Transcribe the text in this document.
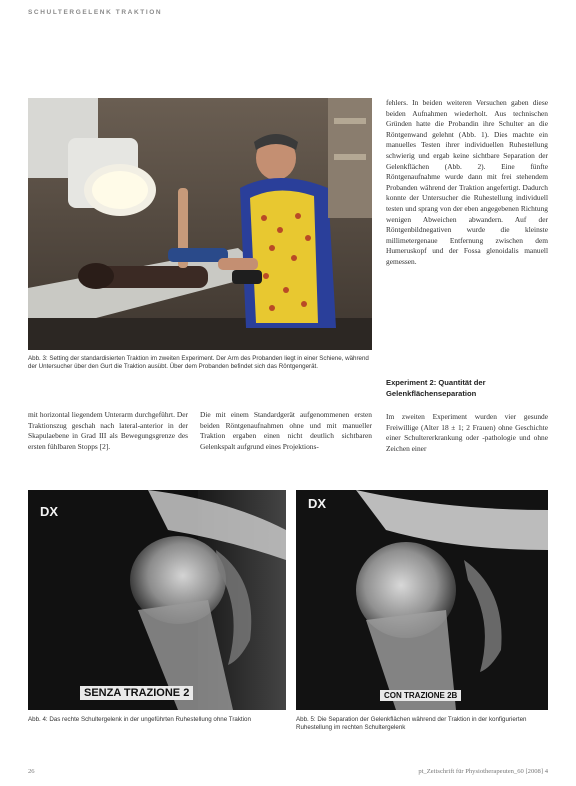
SCHULTERGELENK TRAKTION
Abb. 3: Setting der standardisierten Traktion im zweiten Experiment. Der Arm des Probanden liegt in einer Schiene, während der Untersucher über den Gurt die Traktion ausübt. Über dem Probanden befindet sich das Röntgengerät.
mit horizontal liegendem Unterarm durchgeführt. Der Traktionszug geschah nach lateral-anterior in der Skapulaebene in Grad III als Bewegungsgrenze des ersten fühlbaren Stopps [2].
Die mit einem Standardgerät aufgenommenen ersten beiden Röntgenaufnahmen ohne und mit manueller Traktion ergaben einen nicht deutlich sichtbaren Gelenkspalt aufgrund eines Projektions-
fehlers. In beiden weiteren Versuchen gaben diese beiden Aufnahmen wiederholt. Aus technischen Gründen hatte die Probandin ihre Schulter an die Röntgenwand gelehnt (Abb. 1). Dies machte ein manuelles Testen ihrer individuellen Ruhestellung schwierig und ergab keine sichtbare Separation der Gelenkflächen (Abb. 2). Eine fünfte Röntgenaufnahme wurde dann mit frei stehendem Probanden während der Traktion angefertigt. Dadurch konnte der Untersucher die Ruhestellung individuell testen und sprang von der eben angegebenen Richtung wenigen Abweichen abwandern. Auf der Röntgenbildnegativen wurde die kleinste millimetergenaue Entfernung zwischen dem Humeruskopf und der Fossa glenoidalis manuell gemessen.
Experiment 2: Quantität der Gelenkflächenseparation
Im zweiten Experiment wurden vier gesunde Freiwillige (Alter 18 ± 1; 2 Frauen) ohne Geschichte einer Schultererkrankung oder -pathologie und ohne Zeichen einer
DX
SENZA TRAZIONE 2
DX
CON TRAZIONE 2B
Abb. 4: Das rechte Schultergelenk in der ungeführten Ruhestellung ohne Traktion	Abb. 5: Die Separation der Gelenkflächen während der Traktion in der konfigurierten Ruhestellung im rechten Schultergelenk
26	pt_Zeitschrift für Physiotherapeuten_60 [2008] 4
